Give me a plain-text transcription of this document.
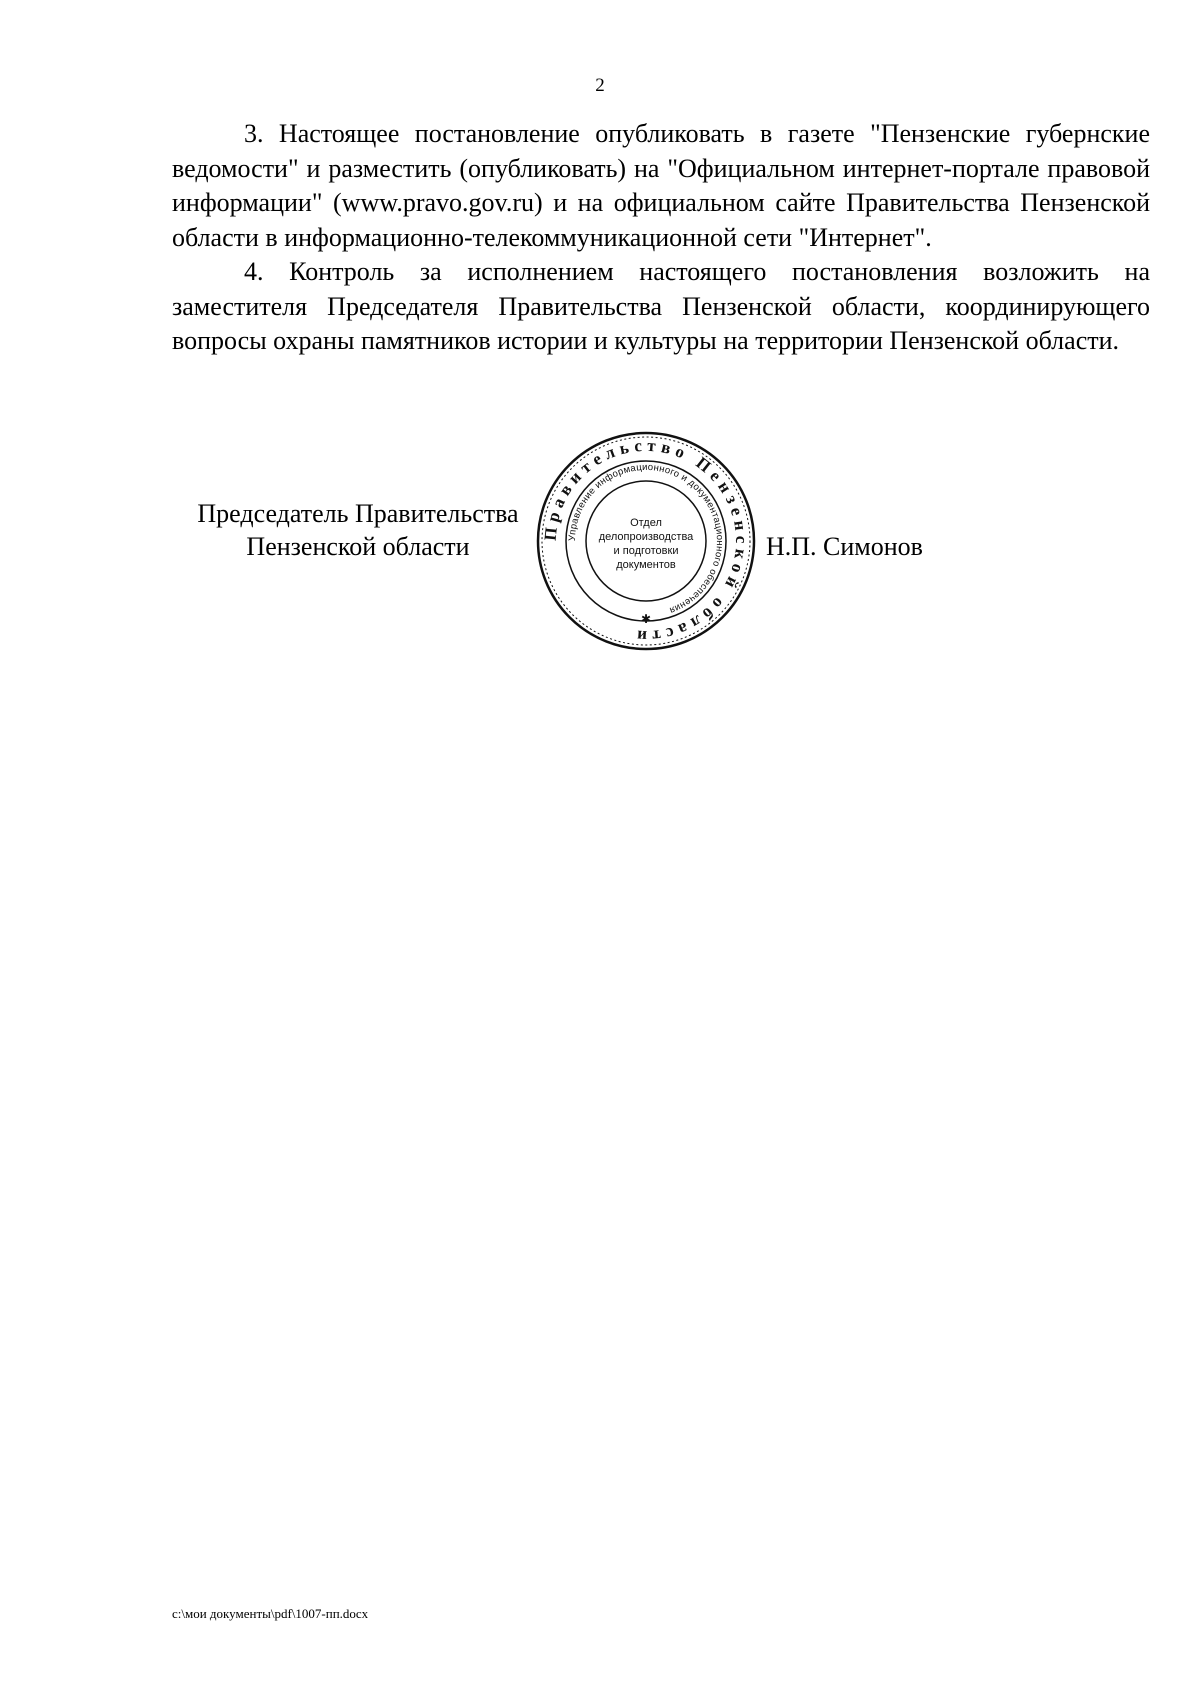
2

3. Настоящее постановление опубликовать в газете "Пензенские губернские ведомости" и разместить (опубликовать) на "Официальном интернет-портале правовой информации" (www.pravo.gov.ru) и на официальном сайте Правительства Пензенской области в информационно-телекоммуникационной сети "Интернет".

4. Контроль за исполнением настоящего постановления возложить на заместителя Председателя Правительства Пензенской области, координирующего вопросы охраны памятников истории и культуры на территории Пензенской области.

Председатель Правительства
Пензенской области
Правительство Пензенской области
Управление информационного и документационного обеспечения
Отдел
делопроизводства
и подготовки
документов
✱
Н.П. Симонов
c:\мои документы\pdf\1007-пп.docx
